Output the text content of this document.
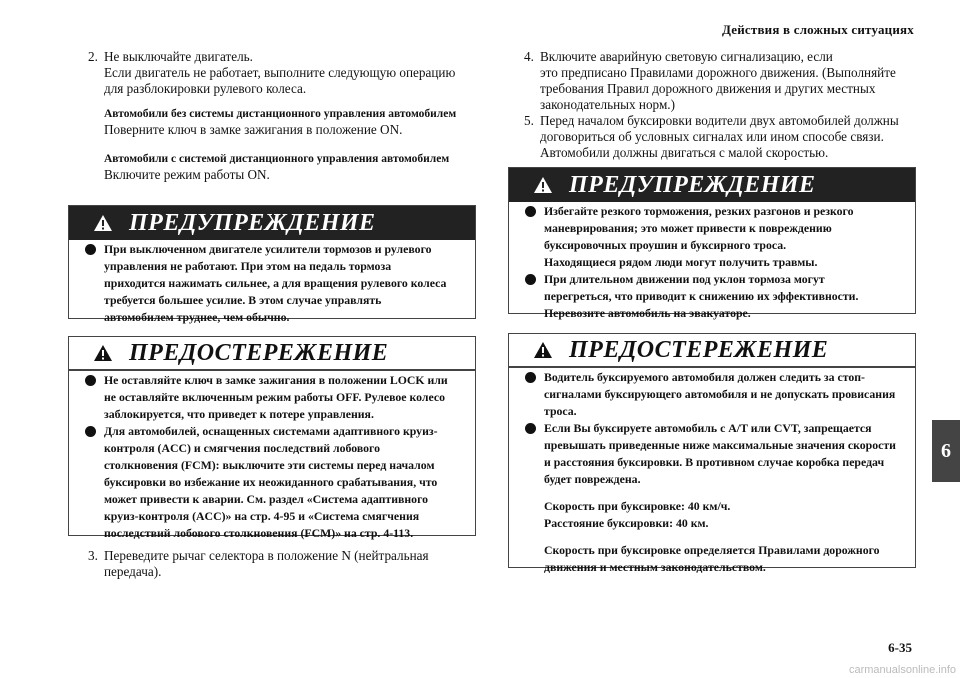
Действия в сложных ситуациях
6
2. Не выключайте двигатель.
Если двигатель не работает, выполните следующую операцию
для разблокировки рулевого колеса.
Автомобили без системы дистанционного управления автомобилем
Поверните ключ в замке зажигания в положение ON.
Автомобили с системой дистанционного управления автомобилем
Включите режим работы ON.
ПРЕДУПРЕЖДЕНИЕ
При выключенном двигателе усилители тормозов и рулевого
управления не работают. При этом на педаль тормоза
приходится нажимать сильнее, а для вращения рулевого колеса
требуется большее усилие. В этом случае управлять
автомобилем труднее, чем обычно.
ПРЕДОСТЕРЕЖЕНИЕ
Не оставляйте ключ в замке зажигания в положении LOCK или
не оставляйте включенным режим работы OFF. Рулевое колесо
заблокируется, что приведет к потере управления.
Для автомобилей, оснащенных системами адаптивного круиз-
контроля (ACC) и смягчения последствий лобового
столкновения (FCM): выключите эти системы перед началом
буксировки во избежание их неожиданного срабатывания, что
может привести к аварии. См. раздел «Система адаптивного
круиз-контроля (ACC)» на стр. 4-95 и «Система смягчения
последствий лобового столкновения (FCM)» на стр. 4-113.
3. Переведите рычаг селектора в положение N (нейтральная
передача).
4. Включите аварийную световую сигнализацию, если
это предписано Правилами дорожного движения. (Выполняйте
требования Правил дорожного движения и других местных
законодательных норм.)
5. Перед началом буксировки водители двух автомобилей должны
договориться об условных сигналах или ином способе связи.
Автомобили должны двигаться с малой скоростью.
ПРЕДУПРЕЖДЕНИЕ
Избегайте резкого торможения, резких разгонов и резкого
маневрирования; это может привести к повреждению
буксировочных проушин и буксирного троса.
Находящиеся рядом люди могут получить травмы.
При длительном движении под уклон тормоза могут
перегреться, что приводит к снижению их эффективности.
Перевозите автомобиль на эвакуаторе.
ПРЕДОСТЕРЕЖЕНИЕ
Водитель буксируемого автомобиля должен следить за стоп-
сигналами буксирующего автомобиля и не допускать провисания
троса.
Если Вы буксируете автомобиль с A/T или CVT, запрещается
превышать приведенные ниже максимальные значения скорости
и расстояния буксировки. В противном случае коробка передач
будет повреждена.
Скорость при буксировке: 40 км/ч.
Расстояние буксировки: 40 км.
Скорость при буксировке определяется Правилами дорожного
движения и местным законодательством.
6-35
carmanualsonline.info
